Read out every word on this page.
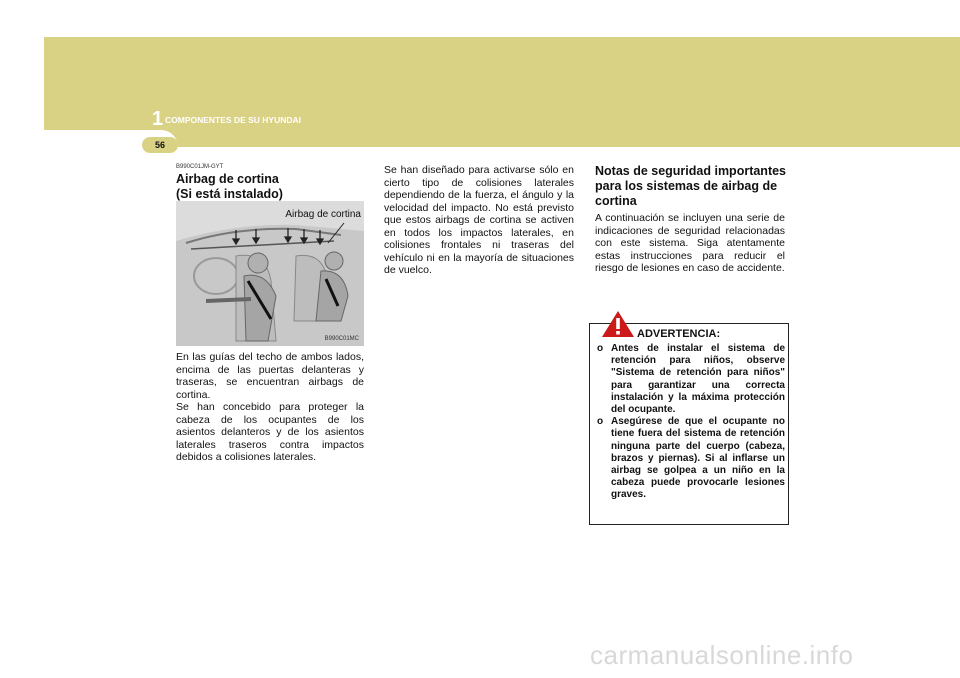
1 COMPONENTES DE SU HYUNDAI
56
B990C01JM-GYT
Airbag de cortina
(Si está instalado)
Airbag de cortina
B990C01MC
En las guías del techo de ambos lados, encima de las puertas delanteras y traseras, se encuentran airbags de cortina.
Se han concebido para proteger la cabeza de los ocupantes de los asientos delanteros y de los asientos laterales traseros contra impactos debidos a colisiones laterales.
Se han diseñado para activarse sólo en cierto tipo de colisiones laterales dependiendo de la fuerza, el ángulo y la velocidad del impacto. No está previsto que estos airbags de cortina se activen en todos los impactos laterales, en colisiones frontales ni traseras del vehículo ni en la mayoría de situaciones de vuelco.
Notas de seguridad importantes para los sistemas de airbag de cortina
A continuación se incluyen una serie de indicaciones de seguridad relacionadas con este sistema. Siga atentamente estas instrucciones para reducir el riesgo de lesiones en caso de accidente.
ADVERTENCIA:
o Antes de instalar el sistema de retención para niños, observe "Sistema de retención para niños" para garantizar una correcta instalación y la máxima protección del ocupante.
o Asegúrese de que el ocupante no tiene fuera del sistema de retención ninguna parte del cuerpo (cabeza, brazos y piernas). Si al inflarse un airbag se golpea a un niño en la cabeza puede provocarle lesiones graves.
carmanualsonline.info
